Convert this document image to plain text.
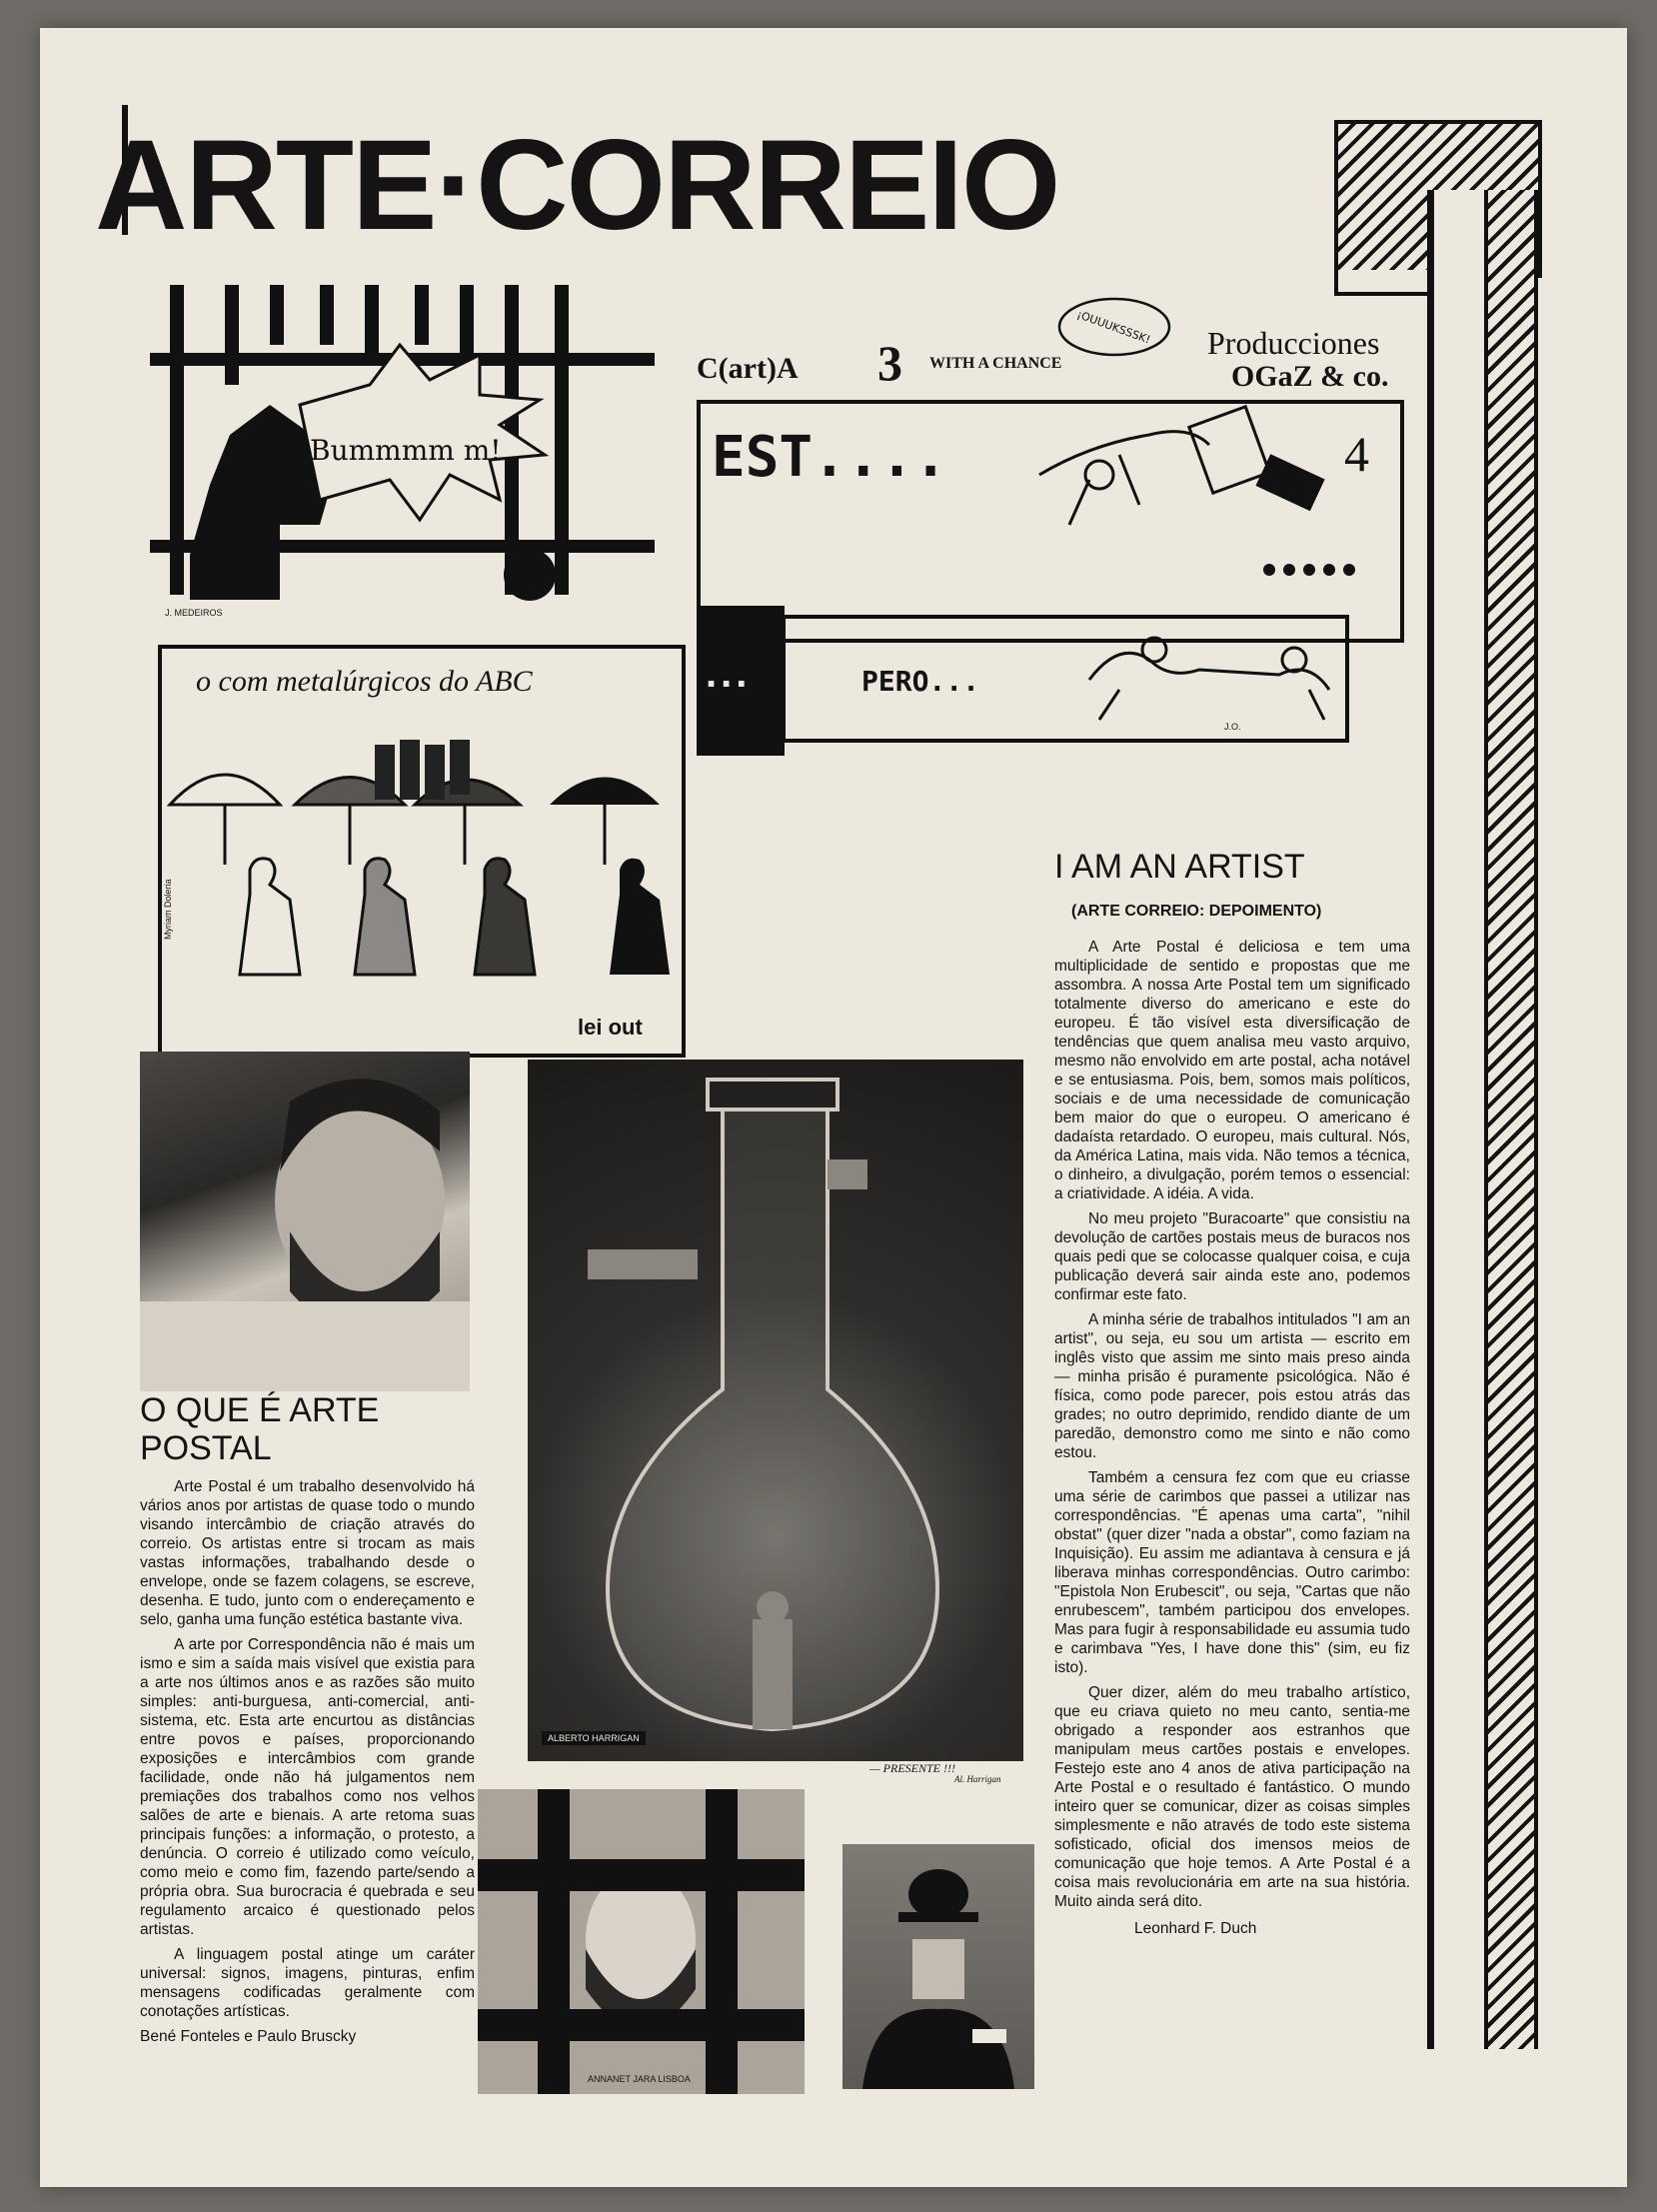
ARTE·CORREIO
Bummmm m!
J. MEDEIROS
C(art)A 3 WITH A CHANCE
Producciones
OGaZ & co.
EST....	4
¡OUUUKSSSK!
...	PERO...
J.O.
o com metalúrgicos do ABC
Myriam Doleria
lei out
ALBERTO HARRIGAN
— PRESENTE !!!
Al. Harrigan
ANNANET JARA LISBOA
O QUE É ARTE
POSTAL

Arte Postal é um trabalho desenvolvido há vários anos por artistas de quase todo o mundo visando intercâmbio de criação através do correio. Os artistas entre si trocam as mais vastas informações, trabalhando desde o envelope, onde se fazem colagens, se escreve, desenha. E tudo, junto com o endereçamento e selo, ganha uma função estética bastante viva.

A arte por Correspondência não é mais um ismo e sim a saída mais visível que existia para a arte nos últimos anos e as razões são muito simples: anti-burguesa, anti-comercial, anti-sistema, etc. Esta arte encurtou as distâncias entre povos e países, proporcionando exposições e intercâmbios com grande facilidade, onde não há julgamentos nem premiações dos trabalhos como nos velhos salões de arte e bienais. A arte retoma suas principais funções: a informação, o protesto, a denúncia. O correio é utilizado como veículo, como meio e como fim, fazendo parte/sendo a própria obra. Sua burocracia é quebrada e seu regulamento arcaico é questionado pelos artistas.

A linguagem postal atinge um caráter universal: signos, imagens, pinturas, enfim mensagens codificadas geralmente com conotações artísticas.

Bené Fonteles e Paulo Bruscky
I AM AN ARTIST
(ARTE CORREIO: DEPOIMENTO)

A Arte Postal é deliciosa e tem uma multiplicidade de sentido e propostas que me assombra. A nossa Arte Postal tem um significado totalmente diverso do americano e este do europeu. É tão visível esta diversificação de tendências que quem analisa meu vasto arquivo, mesmo não envolvido em arte postal, acha notável e se entusiasma. Pois, bem, somos mais políticos, sociais e de uma necessidade de comunicação bem maior do que o europeu. O americano é dadaísta retardado. O europeu, mais cultural. Nós, da América Latina, mais vida. Não temos a técnica, o dinheiro, a divulgação, porém temos o essencial: a criatividade. A idéia. A vida.

No meu projeto "Buracoarte" que consistiu na devolução de cartões postais meus de buracos nos quais pedi que se colocasse qualquer coisa, e cuja publicação deverá sair ainda este ano, podemos confirmar este fato.

A minha série de trabalhos intitulados "I am an artist", ou seja, eu sou um artista — escrito em inglês visto que assim me sinto mais preso ainda — minha prisão é puramente psicológica. Não é física, como pode parecer, pois estou atrás das grades; no outro deprimido, rendido diante de um paredão, demonstro como me sinto e não como estou.

Também a censura fez com que eu criasse uma série de carimbos que passei a utilizar nas correspondências. "É apenas uma carta", "nihil obstat" (quer dizer "nada a obstar", como faziam na Inquisição). Eu assim me adiantava à censura e já liberava minhas correspondências. Outro carimbo: "Epistola Non Erubescit", ou seja, "Cartas que não enrubescem", também participou dos envelopes. Mas para fugir à responsabilidade eu assumia tudo e carimbava "Yes, I have done this" (sim, eu fiz isto).

Quer dizer, além do meu trabalho artístico, que eu criava quieto no meu canto, sentia-me obrigado a responder aos estranhos que manipulam meus cartões postais e envelopes. Festejo este ano 4 anos de ativa participação na Arte Postal e o resultado é fantástico. O mundo inteiro quer se comunicar, dizer as coisas simples simplesmente e não através de todo este sistema sofisticado, oficial dos imensos meios de comunicação que hoje temos. A Arte Postal é a coisa mais revolucionária em arte na sua história. Muito ainda será dito.

Leonhard F. Duch
